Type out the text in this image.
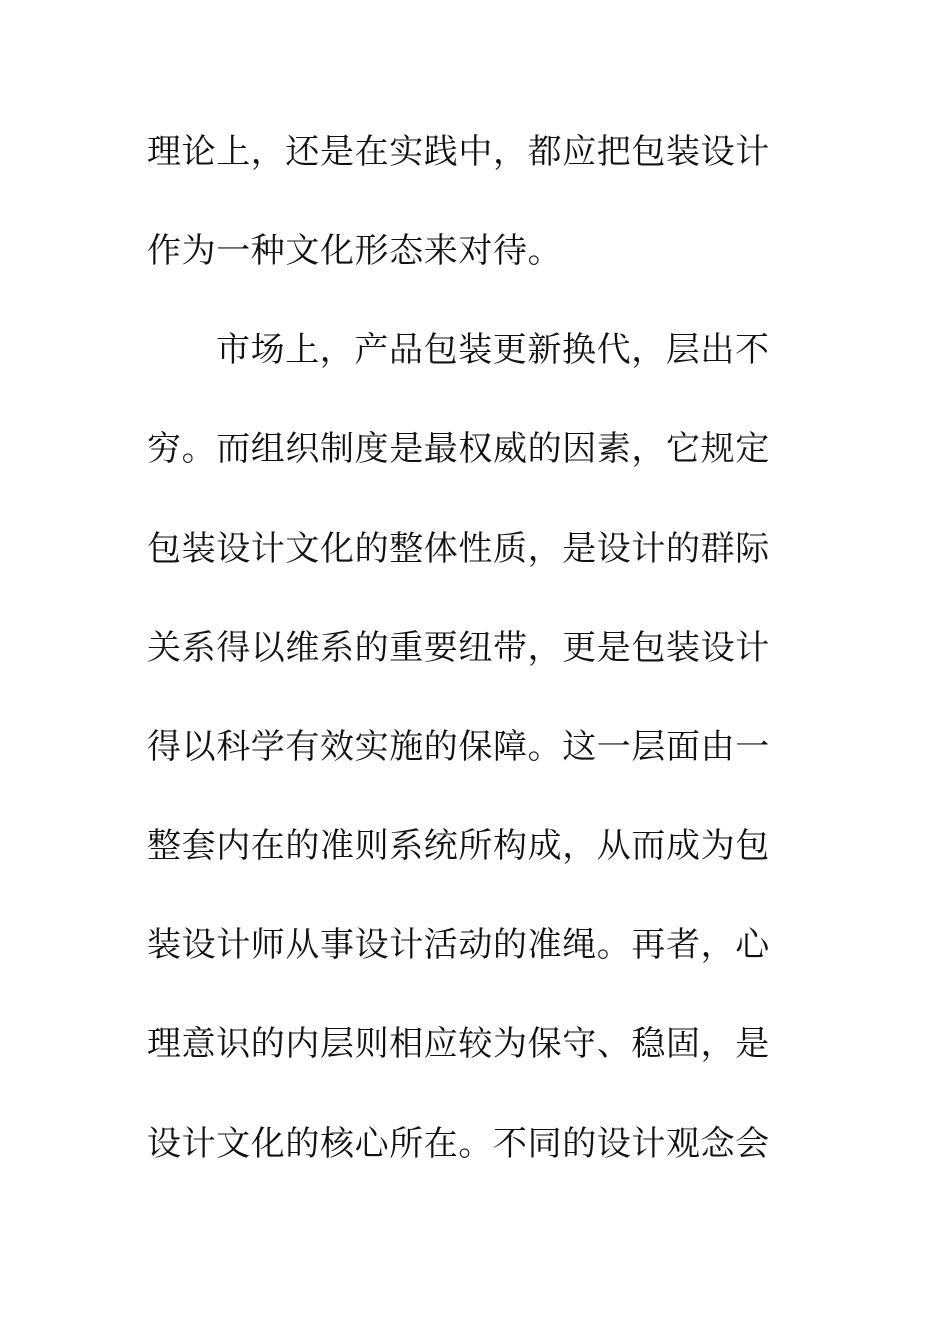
理论上，还是在实践中，都应把包装设计
作为一种文化形态来对待。
市场上，产品包装更新换代，层出不
穷。而组织制度是最权威的因素，它规定
包装设计文化的整体性质，是设计的群际
关系得以维系的重要纽带，更是包装设计
得以科学有效实施的保障。这一层面由一
整套内在的准则系统所构成，从而成为包
装设计师从事设计活动的准绳。再者，心
理意识的内层则相应较为保守、稳固，是
设计文化的核心所在。不同的设计观念会
